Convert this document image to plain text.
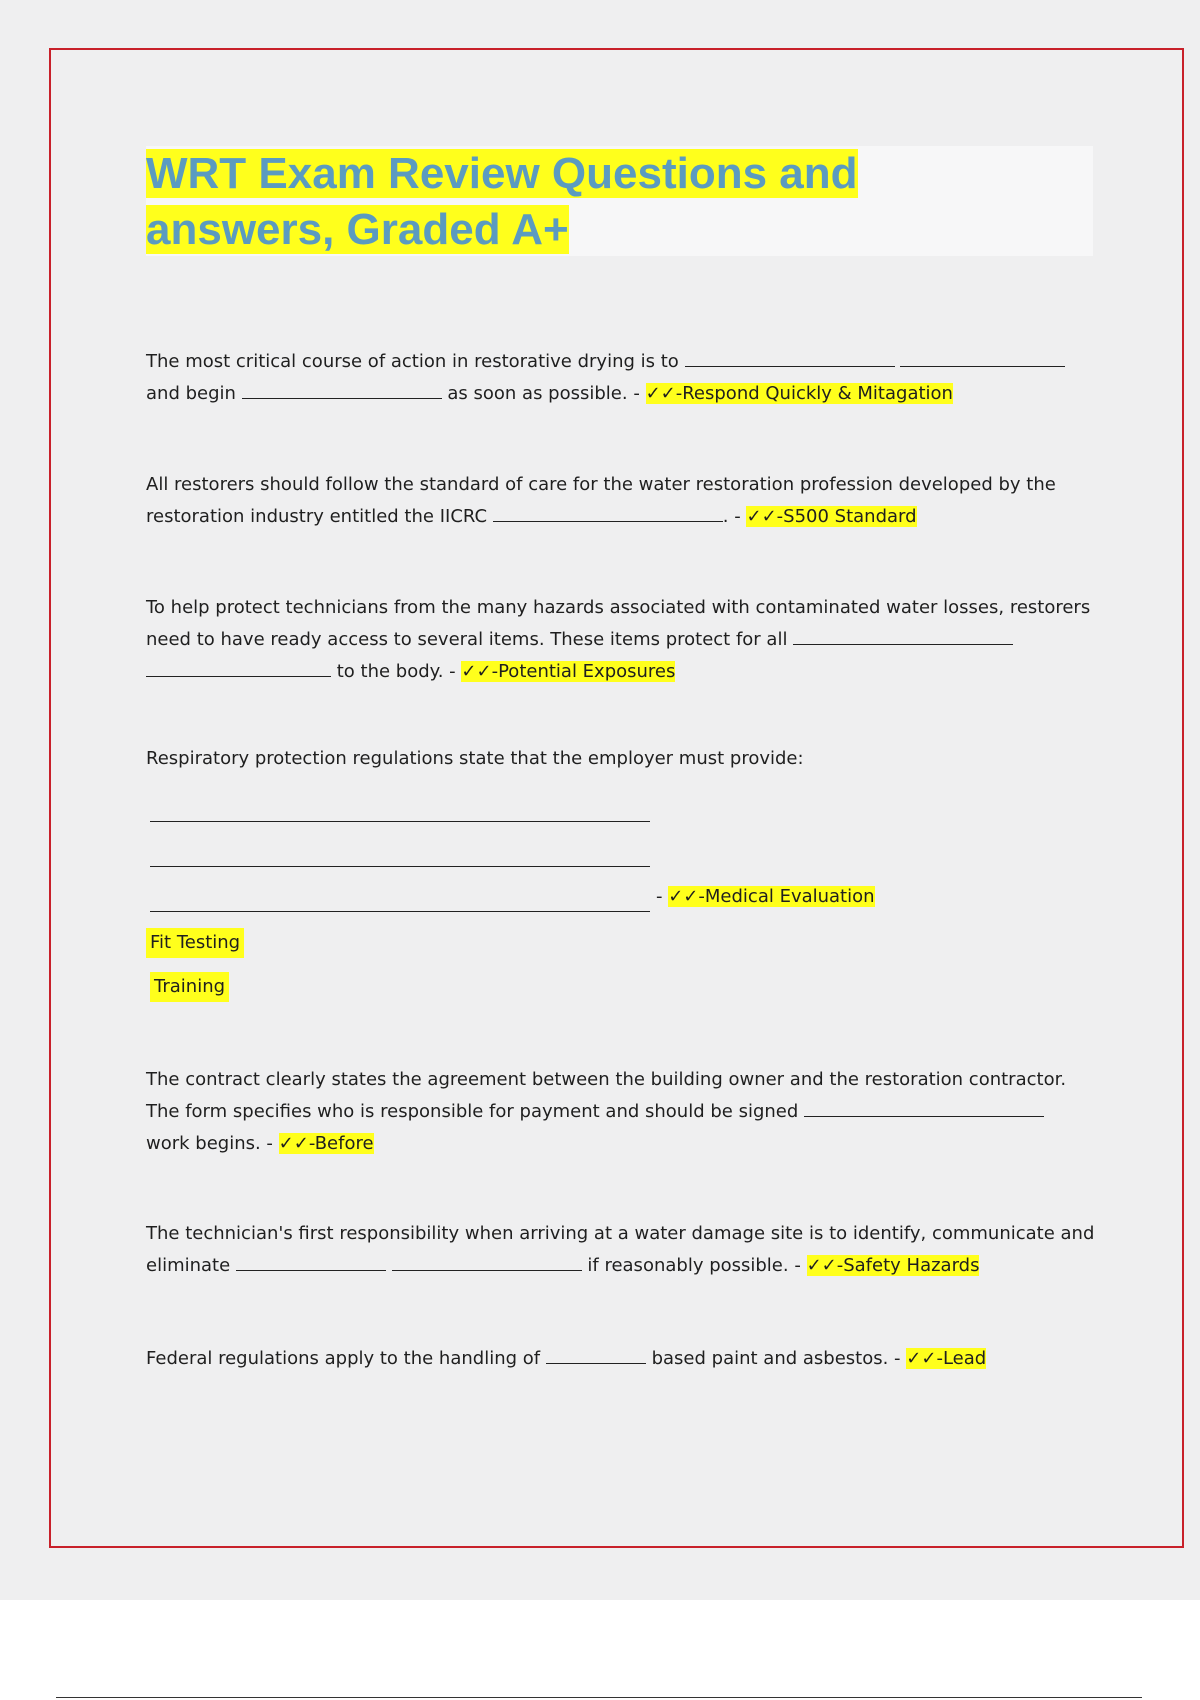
WRT Exam Review Questions and
answers, Graded A+
The most critical course of action in restorative drying is to
and begin	as soon as possible. - ✓✓-Respond Quickly & Mitagation
All restorers should follow the standard of care for the water restoration profession developed by the restoration industry entitled the IICRC	. - ✓✓-S500 Standard
To help protect technicians from the many hazards associated with contaminated water losses, restorers need to have ready access to several items. These items protect for all
to the body. - ✓✓-Potential Exposures
Respiratory protection regulations state that the employer must provide:
- ✓✓-Medical Evaluation
Fit Testing
Training
The contract clearly states the agreement between the building owner and the restoration contractor. The form specifies who is responsible for payment and should be signed
work begins. - ✓✓-Before
The technician's first responsibility when arriving at a water damage site is to identify, communicate and eliminate	if reasonably possible. - ✓✓-Safety Hazards
Federal regulations apply to the handling of	based paint and asbestos. - ✓✓-Lead
